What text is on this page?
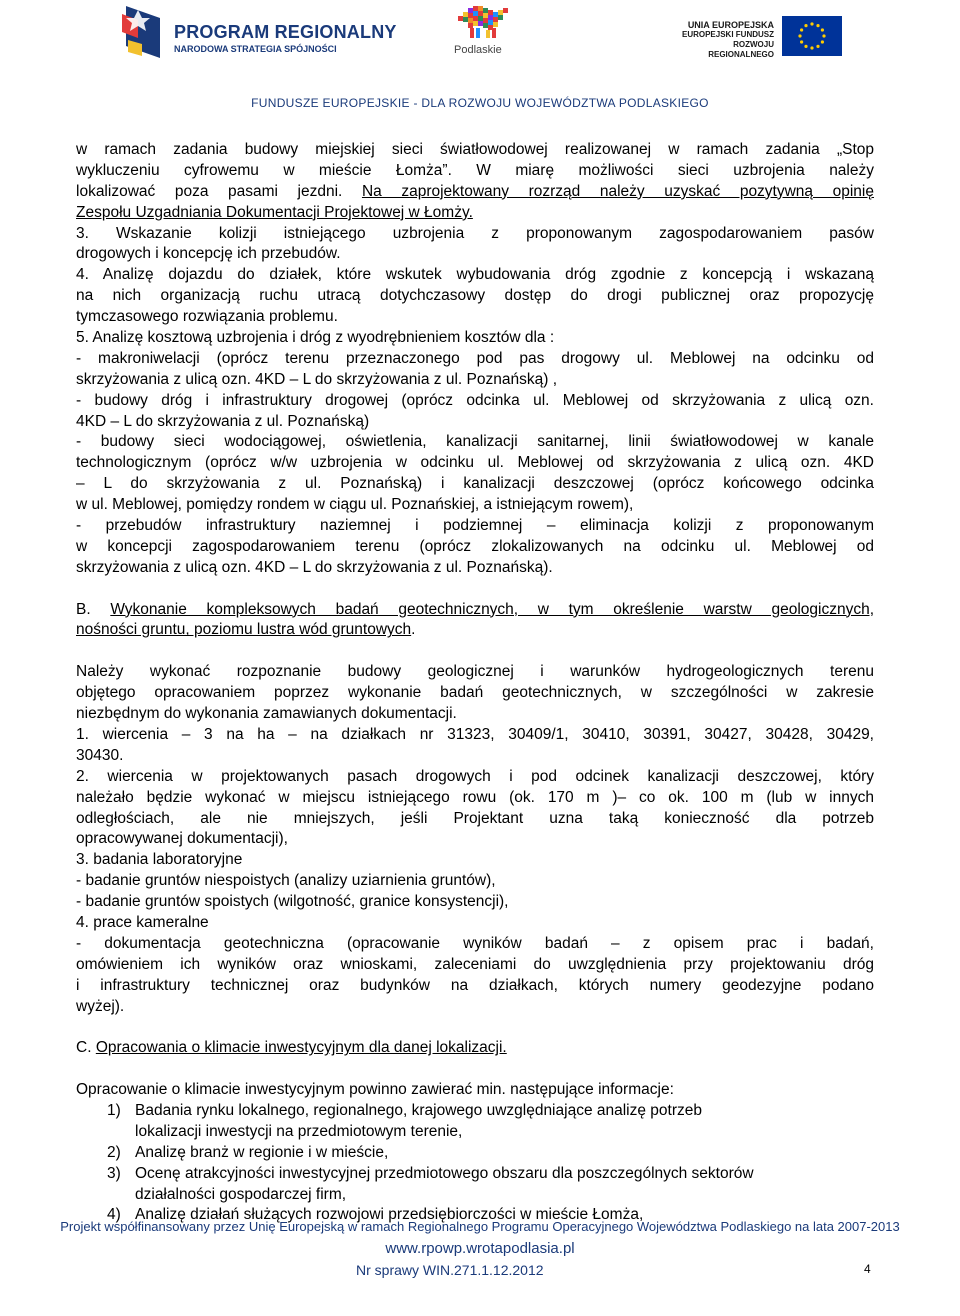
PROGRAM REGIONALNY
NARODOWA STRATEGIA SPÓJNOŚCI	Podlaskie
UNIA EUROPEJSKA
EUROPEJSKI FUNDUSZ
ROZWOJU REGIONALNEGO
FUNDUSZE EUROPEJSKIE - DLA ROZWOJU WOJEWÓDZTWA PODLASKIEGO
w ramach zadania budowy miejskiej sieci światłowodowej realizowanej w ramach zadania „Stop
wykluczeniu cyfrowemu w mieście Łomża”. W miarę możliwości sieci uzbrojenia należy
lokalizować poza pasami jezdni. Na zaprojektowany rozrząd należy uzyskać pozytywną opinię
Zespołu Uzgadniania Dokumentacji Projektowej w Łomży.
3. Wskazanie kolizji istniejącego uzbrojenia z proponowanym zagospodarowaniem pasów
drogowych i koncepcję ich przebudów.
4. Analizę dojazdu do działek, które wskutek wybudowania dróg zgodnie z koncepcją i wskazaną
na nich organizacją ruchu utracą dotychczasowy dostęp do drogi publicznej oraz propozycję
tymczasowego rozwiązania problemu.
5. Analizę kosztową uzbrojenia i dróg z wyodrębnieniem kosztów dla :
- makroniwelacji (oprócz terenu przeznaczonego pod pas drogowy ul. Meblowej na odcinku od
skrzyżowania z ulicą ozn. 4KD – L do skrzyżowania z ul. Poznańską) ,
- budowy dróg i infrastruktury drogowej (oprócz odcinka ul. Meblowej od skrzyżowania z ulicą ozn.
4KD – L do skrzyżowania z ul. Poznańską)
- budowy sieci wodociągowej, oświetlenia, kanalizacji sanitarnej, linii światłowodowej w kanale
technologicznym (oprócz w/w uzbrojenia w odcinku ul. Meblowej od skrzyżowania z ulicą ozn. 4KD
– L do skrzyżowania z ul. Poznańską) i kanalizacji deszczowej (oprócz końcowego odcinka
w ul. Meblowej, pomiędzy rondem w ciągu ul. Poznańskiej, a istniejącym rowem),
- przebudów infrastruktury naziemnej i podziemnej – eliminacja kolizji z proponowanym
w koncepcji zagospodarowaniem terenu (oprócz zlokalizowanych na odcinku ul. Meblowej od
skrzyżowania z ulicą ozn. 4KD – L do skrzyżowania z ul. Poznańską).
B. Wykonanie kompleksowych badań geotechnicznych, w tym określenie warstw geologicznych,
nośności gruntu, poziomu lustra wód gruntowych.
Należy wykonać rozpoznanie budowy geologicznej i warunków hydrogeologicznych terenu
objętego opracowaniem poprzez wykonanie badań geotechnicznych, w szczególności w zakresie
niezbędnym do wykonania zamawianych dokumentacji.
1. wiercenia – 3 na ha – na działkach nr 31323, 30409/1, 30410, 30391, 30427, 30428, 30429,
30430.
2. wiercenia w projektowanych pasach drogowych i pod odcinek kanalizacji deszczowej, który
należało będzie wykonać w miejscu istniejącego rowu (ok. 170 m )– co ok. 100 m (lub w innych
odległościach, ale nie mniejszych, jeśli Projektant uzna taką konieczność dla potrzeb
opracowywanej dokumentacji),
3. badania laboratoryjne
- badanie gruntów niespoistych (analizy uziarnienia gruntów),
- badanie gruntów spoistych (wilgotność, granice konsystencji),
4. prace kameralne
- dokumentacja geotechniczna (opracowanie wyników badań – z opisem prac i badań,
omówieniem ich wyników oraz wnioskami, zaleceniami do uwzględnienia przy projektowaniu dróg
i infrastruktury technicznej oraz budynków na działkach, których numery geodezyjne podano
wyżej).
C. Opracowania o klimacie inwestycyjnym dla danej lokalizacji.
Opracowanie o klimacie inwestycyjnym powinno zawierać min. następujące informacje:
1) Badania rynku lokalnego, regionalnego, krajowego uwzględniające analizę potrzeb
lokalizacji inwestycji na przedmiotowym terenie,
2) Analizę branż w regionie i w mieście,
3) Ocenę atrakcyjności inwestycyjnej przedmiotowego obszaru dla poszczególnych sektorów
działalności gospodarczej firm,
4) Analizę działań służących rozwojowi przedsiębiorczości w mieście Łomża,
Projekt współfinansowany przez Unię Europejską w ramach Regionalnego Programu Operacyjnego Województwa Podlaskiego na lata 2007-2013
www.rpowp.wrotapodlasia.pl
Nr sprawy WIN.271.1.12.2012	4
